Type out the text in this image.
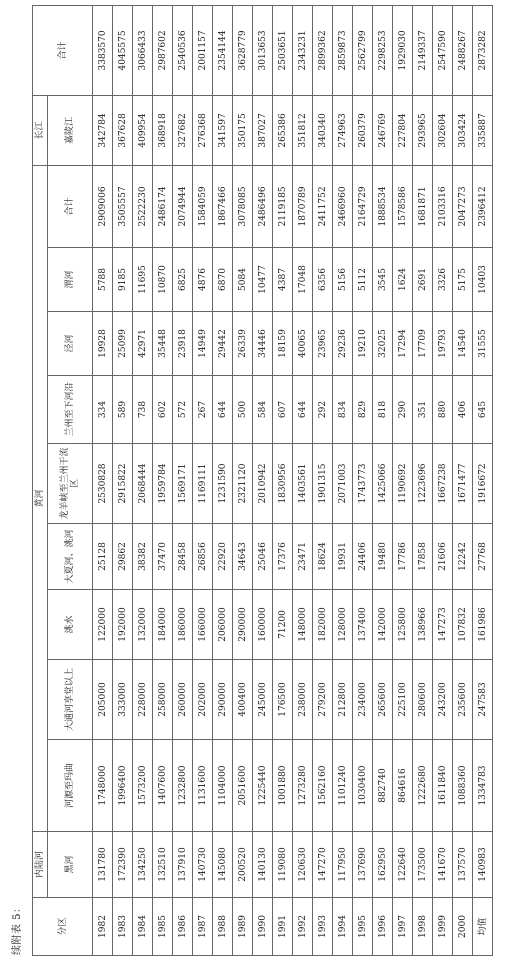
续附表 5：	分区	内陆河	黄河									长江	合计
	黑河	河源至玛曲	大通河享堂以上	洮水	大夏河、洮河	龙羊峡至兰州干流区	兰州至下河沿	泾河	渭河	合计	嘉陵江	
1982	131780	1748000	205000	122000	25128	2530828	334	19928	5788	2909006	342784	3383570
1983	172390	1996400	333000	192000	29862	2915822	589	25099	9185	3505557	367628	4045575
1984	134250	1573200	228000	132000	38382	2068444	738	42971	11695	2522230	409954	3066433
1985	132510	1407600	258000	184000	37470	1959784	602	35448	10870	2486174	368918	2987602
1986	137910	1232800	260000	186000	28458	1569171	572	23918	6825	2074944	327682	2540536
1987	140730	1131600	202000	166000	26856	1169111	267	14949	4876	1584059	276368	2001157
1988	145080	1104000	290000	206000	22920	1231590	644	29442	6870	1867466	341597	2354144
1989	200520	2051600	400400	290000	34643	2321120	500	26339	5084	3078085	350175	3628779
1990	140130	1225440	245000	160000	25046	2010942	584	34446	10477	2486496	387027	3013653
1991	119080	1001880	176500	71200	17376	1830956	607	18159	4387	2119185	265386	2503651
1992	120630	1273280	238000	148000	23471	1403561	644	40065	17048	1870789	351812	2343231
1993	147270	1562160	279200	182000	18624	1901315	292	23965	6356	2411752	340340	2899362
1994	117950	1101240	212800	128000	19931	2071003	834	29236	5156	2466960	274963	2859873
1995	137690	1030400	234000	137400	24406	1743773	829	19210	5112	2164729	260379	2562799
1996	162950	882740	265600	142000	19480	1425066	818	32025	3545	1888534	246769	2298253
1997	122640	864616	225100	125800	17786	1190692	290	17294	1624	1578586	227804	1929030
1998	173500	1222680	280600	138966	17858	1223696	351	17709	2691	1681871	293965	2149337
1999	141670	1611840	243200	147273	21606	1667238	880	19793	3326	2103316	302604	2547590
2000	137570	1088360	235600	107832	12242	1671477	406	14540	5175	2047273	303424	2488267
均值	140983	1334783	247583	161986	27768	1916672	645	31555	10403	2396412	335887	2873282
